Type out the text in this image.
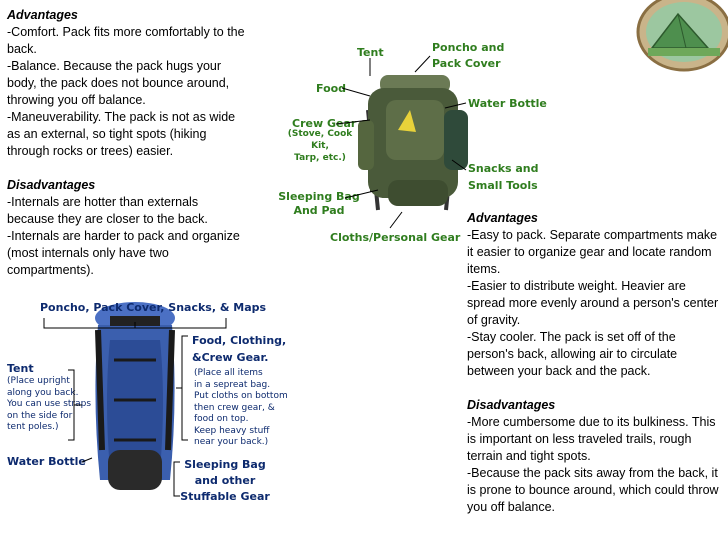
Advantages

-Comfort. Pack fits more comfortably to the back.

-Balance. Because the pack hugs your body, the pack does not bounce around, throwing you off balance.

-Maneuverability. The pack is not as wide as an external, so tight spots (hiking through rocks or trees) easier.

Disadvantages

-Internals are hotter than externals because they are closer to the back.

-Internals are harder to pack and organize (most internals only have two compartments).

Advantages

-Easy to pack. Separate compartments make it easier to organize gear and locate random items.

-Easier to distribute weight. Heavier are spread more evenly around a person's center of gravity.

-Stay cooler. The pack is set off of the person's back, allowing air to circulate between your back and the pack.

Disadvantages

-More cumbersome due to its bulkiness. This is important on less traveled trails, rough terrain and tight spots.

-Because the pack sits away from the back, it is prone to bounce around, which could throw you off balance.

Tent	Poncho and
Pack Cover
Food
Water Bottle
Crew Gear
(Stove, Cook Kit,
Tarp, etc.)
Snacks and
Small Tools
Sleeping Bag
And Pad
Cloths/Personal Gear
Poncho, Pack Cover, Snacks, & Maps
Food, Clothing,
&Crew Gear.
(Place all items
in a sepreat bag.
Put cloths on bottom
then crew gear, &
food on top.
Keep heavy stuff
near your back.)
Tent
(Place upright
along you back.
You can use straps
on the side for
tent poles.)
Water Bottle	Sleeping Bag
and other
Stuffable Gear
